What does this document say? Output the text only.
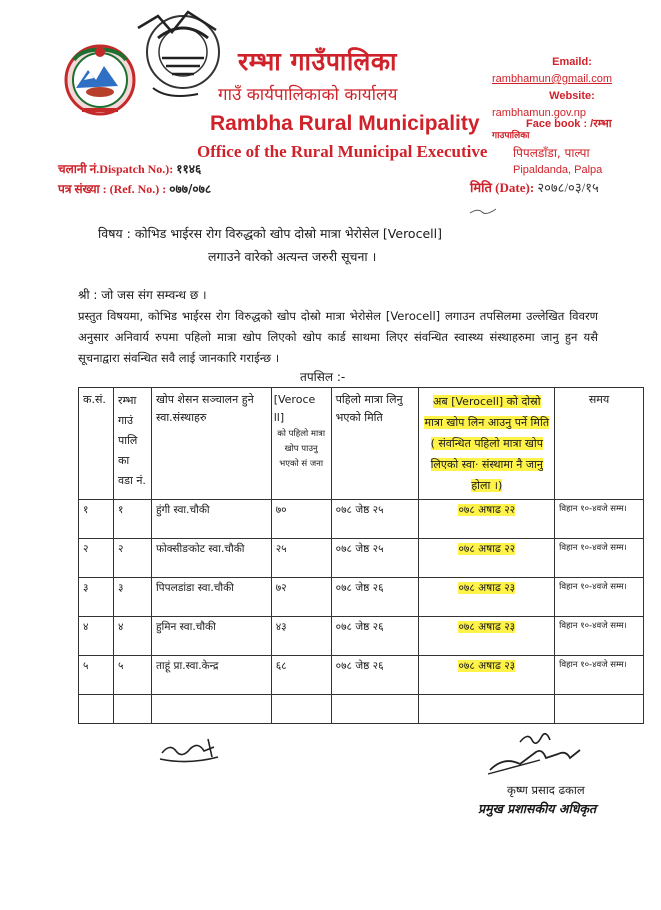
रम्भा गाउँपालिका
गाउँ कार्यपालिकाको कार्यालय
Rambha Rural Municipality
Office of the Rural Municipal Executive
Emaild:
rambhamun@gmail.com
Website:
rambhamun.gov.np
Face book : /रम्भा
गाउपालिका
पिपलडाँडा, पाल्पा
Pipaldanda, Palpa
चलानी नं.Dispatch No.): ११४६
पत्र संख्या : (Ref. No.) : ०७७/०७८	मिति (Date): २०७८/०३/१५
विषय : कोभिड भाईरस रोग विरुद्धको खोप दोस्रो मात्रा भेरोसेल [Verocell]
लगाउने वारेको अत्यन्त जरुरी सूचना ।
श्री : जो जस संग सम्वन्ध छ ।
प्रस्तुत विषयमा, कोभिड भाईरस रोग विरुद्धको खोप दोस्रो मात्रा भेरोसेल [Verocell] लगाउन तपसिलमा उल्लेखित विवरण अनुसार अनिवार्य रुपमा पहिलो मात्रा खोप लिएको खोप कार्ड साथमा लिएर संवन्धित स्वास्थ्य संस्थाहरुमा जानु हुन यसै सूचनाद्वारा संवन्धित सवै लाई जानकारि गराईन्छ ।
तपसिल :-
क.सं.	रम्भा गाउं पालि का वडा नं.	खोप शेसन सञ्चालन हुने स्वा.संस्थाहरु	[Veroce ll]
को पहिलो मात्रा खोप पाउनु भएको सं जना	पहिलो मात्रा लिनु भएको मिति	अब [Verocell] को दोस्रो मात्रा खोप लिन आउनु पर्ने मिति ( संवन्धित पहिलो मात्रा खोप लिएको स्वा· संस्थामा नै जानु होला ।)	समय
१	१	हुंगी स्वा.चौकी	७०	०७८ जेष्ठ २५	०७८ अषाढ २२	विहान १०-४वजे सम्म।
२	२	फोक्सीङकोट स्वा.चौकी	२५	०७८ जेष्ठ २५	०७८ अषाढ २२	विहान १०-४वजे सम्म।
३	३	पिपलडांडा स्वा.चौकी	७२	०७८ जेष्ठ २६	०७८ अषाढ २३	विहान १०-४वजे सम्म।
४	४	हुमिन स्वा.चौकी	४३	०७८ जेष्ठ २६	०७८ अषाढ २३	विहान १०-४वजे सम्म।
५	५	ताहूं प्रा.स्वा.केन्द्र	६८	०७८ जेष्ठ २६	०७८ अषाढ २३	विहान १०-४वजे सम्म।

कृष्ण प्रसाद ढकाल
प्रमुख प्रशासकीय अधिकृत
